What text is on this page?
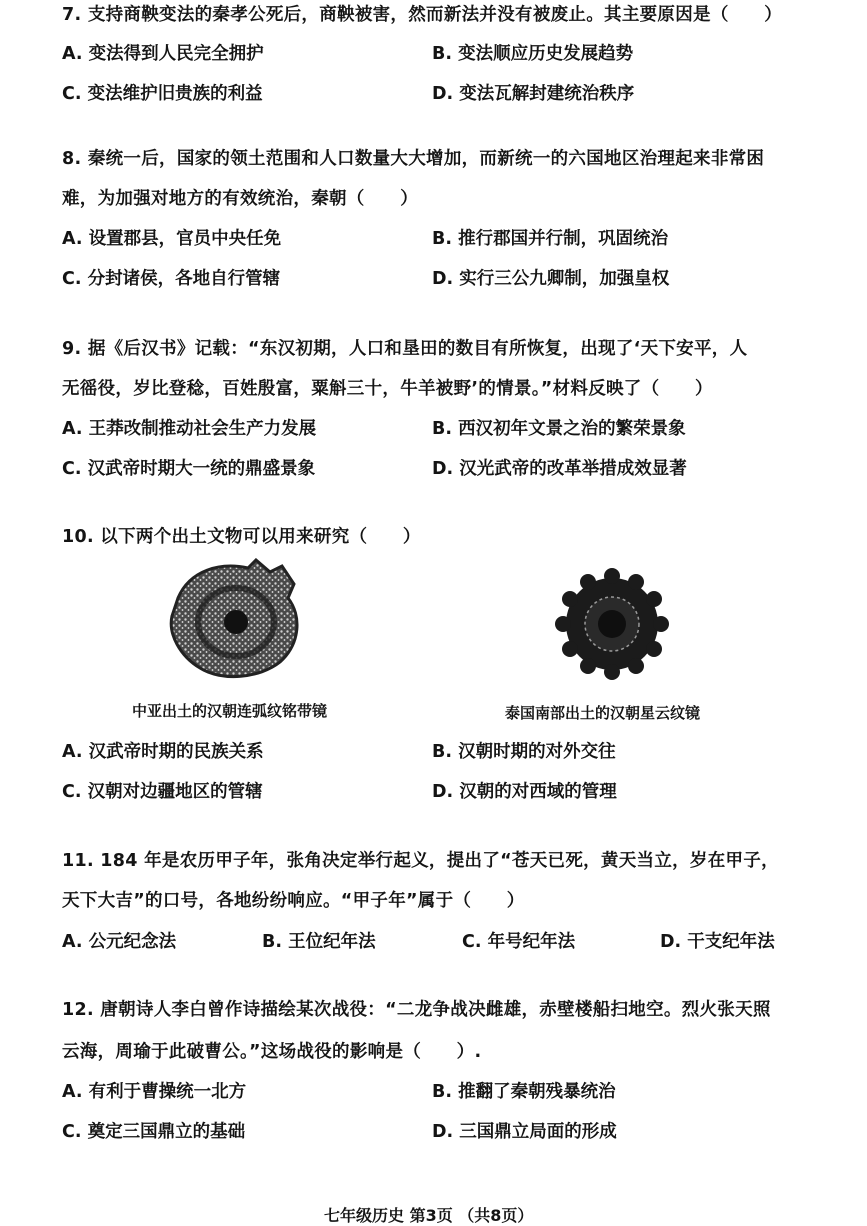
7. 支持商鞅变法的秦孝公死后，商鞅被害，然而新法并没有被废止。其主要原因是（　　）
A. 变法得到人民完全拥护	B. 变法顺应历史发展趋势
C. 变法维护旧贵族的利益	D. 变法瓦解封建统治秩序
8. 秦统一后，国家的领土范围和人口数量大大增加，而新统一的六国地区治理起来非常困
难，为加强对地方的有效统治，秦朝（　　）
A. 设置郡县，官员中央任免	B. 推行郡国并行制，巩固统治
C. 分封诸侯，各地自行管辖	D. 实行三公九卿制，加强皇权
9. 据《后汉书》记载：“东汉初期，人口和垦田的数目有所恢复，出现了‘天下安平，人
无徭役，岁比登稔，百姓殷富，粟斛三十，牛羊被野’的情景。”材料反映了（　　）
A. 王莽改制推动社会生产力发展	B. 西汉初年文景之治的繁荣景象
C. 汉武帝时期大一统的鼎盛景象	D. 汉光武帝的改革举措成效显著
10. 以下两个出土文物可以用来研究（　　）
中亚出土的汉朝连弧纹铭带镜	泰国南部出土的汉朝星云纹镜
A. 汉武帝时期的民族关系	B. 汉朝时期的对外交往
C. 汉朝对边疆地区的管辖	D. 汉朝的对西域的管理
11. 184 年是农历甲子年，张角决定举行起义，提出了“苍天已死，黄天当立，岁在甲子，
天下大吉”的口号，各地纷纷响应。“甲子年”属于（　　）
A. 公元纪念法	B. 王位纪年法	C. 年号纪年法	D. 干支纪年法
12. 唐朝诗人李白曾作诗描绘某次战役：“二龙争战决雌雄，赤壁楼船扫地空。烈火张天照
云海，周瑜于此破曹公。”这场战役的影响是（　　）.
A. 有利于曹操统一北方	B. 推翻了秦朝残暴统治
C. 奠定三国鼎立的基础	D. 三国鼎立局面的形成
七年级历史 第3页 （共8页）
